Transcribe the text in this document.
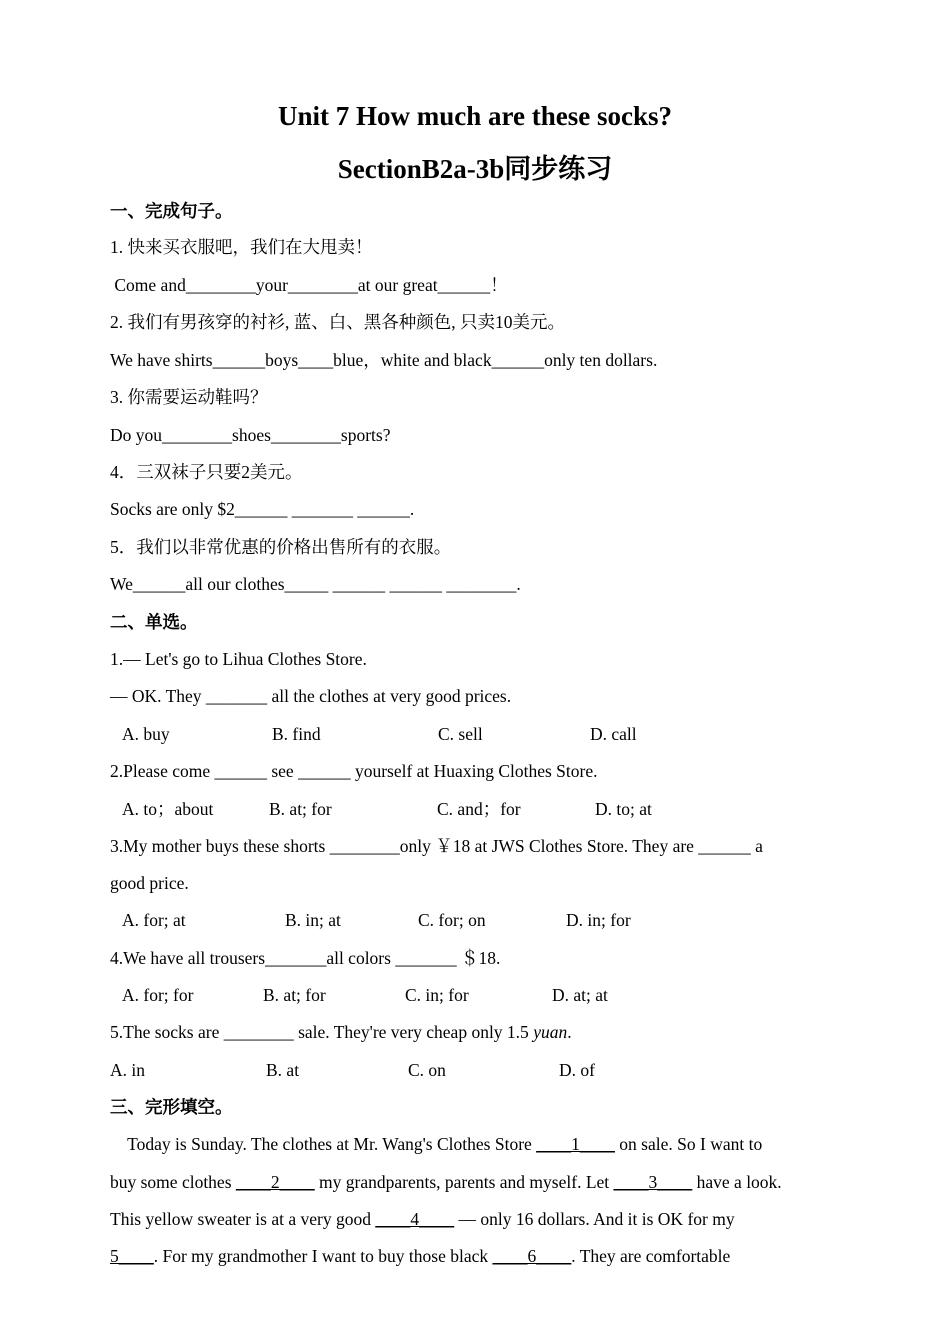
Unit 7 How much are these socks?
SectionB2a-3b同步练习
一、完成句子。
1. 快来买衣服吧，我们在大甩卖！
Come and________your________at our great______！
2. 我们有男孩穿的衬衫, 蓝、白、黑各种颜色, 只卖10美元。
We have shirts______boys____blue，white and black______only ten dollars.
3. 你需要运动鞋吗？
Do you________shoes________sports?
4．三双袜子只要2美元。
Socks are only $2______ _______ ______.
5．我们以非常优惠的价格出售所有的衣服。
We______all our clothes_____ ______ ______ ________.
二、单选。
1.— Let's go to Lihua Clothes Store.
— OK. They _______ all the clothes at very good prices.
A. buy	B. find	C. sell	D. call
2.Please come ______ see ______ yourself at Huaxing Clothes Store.
A. to；about	B. at; for	C. and；for	D. to; at
3.My mother buys these shorts ________only ￥18 at JWS Clothes Store. They are ______ a
good price.
A. for; at	B. in; at	C. for; on	D. in; for
4.We have all trousers_______all colors _______ ＄18.
A. for; for	B. at; for	C. in; for	D. at; at
5.The socks are ________ sale. They're very cheap only 1.5 yuan.
A. in	B. at	C. on	D. of
三、完形填空。
Today is Sunday. The clothes at Mr. Wang's Clothes Store ____1____ on sale. So I want to
buy some clothes ____2____ my grandparents, parents and myself. Let ____3____ have a look.
This yellow sweater is at a very good ____4____ — only 16 dollars. And it is OK for my
5____. For my grandmother I want to buy those black ____6____. They are comfortable
